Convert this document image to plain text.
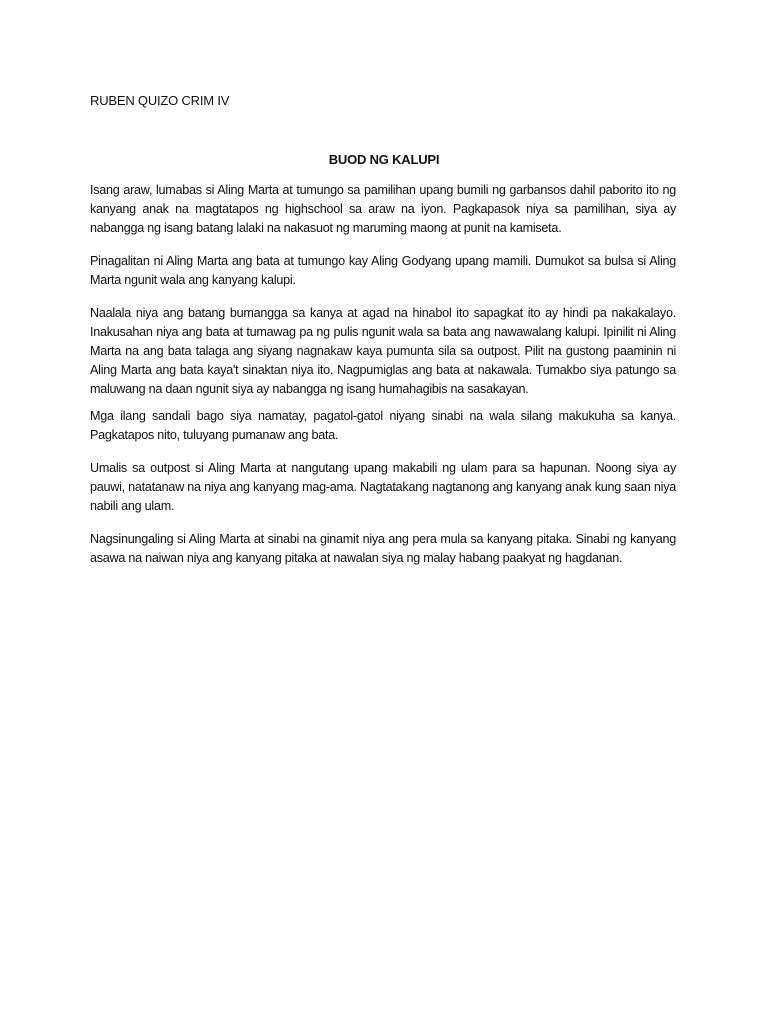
RUBEN QUIZO CRIM IV

BUOD NG KALUPI

Isang araw, lumabas si Aling Marta at tumungo sa pamilihan upang bumili ng garbansos dahil paborito ito ng kanyang anak na magtatapos ng highschool sa araw na iyon. Pagkapasok niya sa pamilihan, siya ay nabangga ng isang batang lalaki na nakasuot ng maruming maong at punit na kamiseta.

Pinagalitan ni Aling Marta ang bata at tumungo kay Aling Godyang upang mamili. Dumukot sa bulsa si Aling Marta ngunit wala ang kanyang kalupi.

Naalala niya ang batang bumangga sa kanya at agad na hinabol ito sapagkat ito ay hindi pa nakakalayo. Inakusahan niya ang bata at tumawag pa ng pulis ngunit wala sa bata ang nawawalang kalupi. Ipinilit ni Aling Marta na ang bata talaga ang siyang nagnakaw kaya pumunta sila sa outpost. Pilit na gustong paaminin ni Aling Marta ang bata kaya't sinaktan niya ito. Nagpumiglas ang bata at nakawala. Tumakbo siya patungo sa maluwang na daan ngunit siya ay nabangga ng isang humahagibis na sasakayan.

Mga ilang sandali bago siya namatay, pagatol-gatol niyang sinabi na wala silang makukuha sa kanya. Pagkatapos nito, tuluyang pumanaw ang bata.

Umalis sa outpost si Aling Marta at nangutang upang makabili ng ulam para sa hapunan. Noong siya ay pauwi, natatanaw na niya ang kanyang mag-ama. Nagtatakang nagtanong ang kanyang anak kung saan niya nabili ang ulam.

Nagsinungaling si Aling Marta at sinabi na ginamit niya ang pera mula sa kanyang pitaka. Sinabi ng kanyang asawa na naiwan niya ang kanyang pitaka at nawalan siya ng malay habang paakyat ng hagdanan.
